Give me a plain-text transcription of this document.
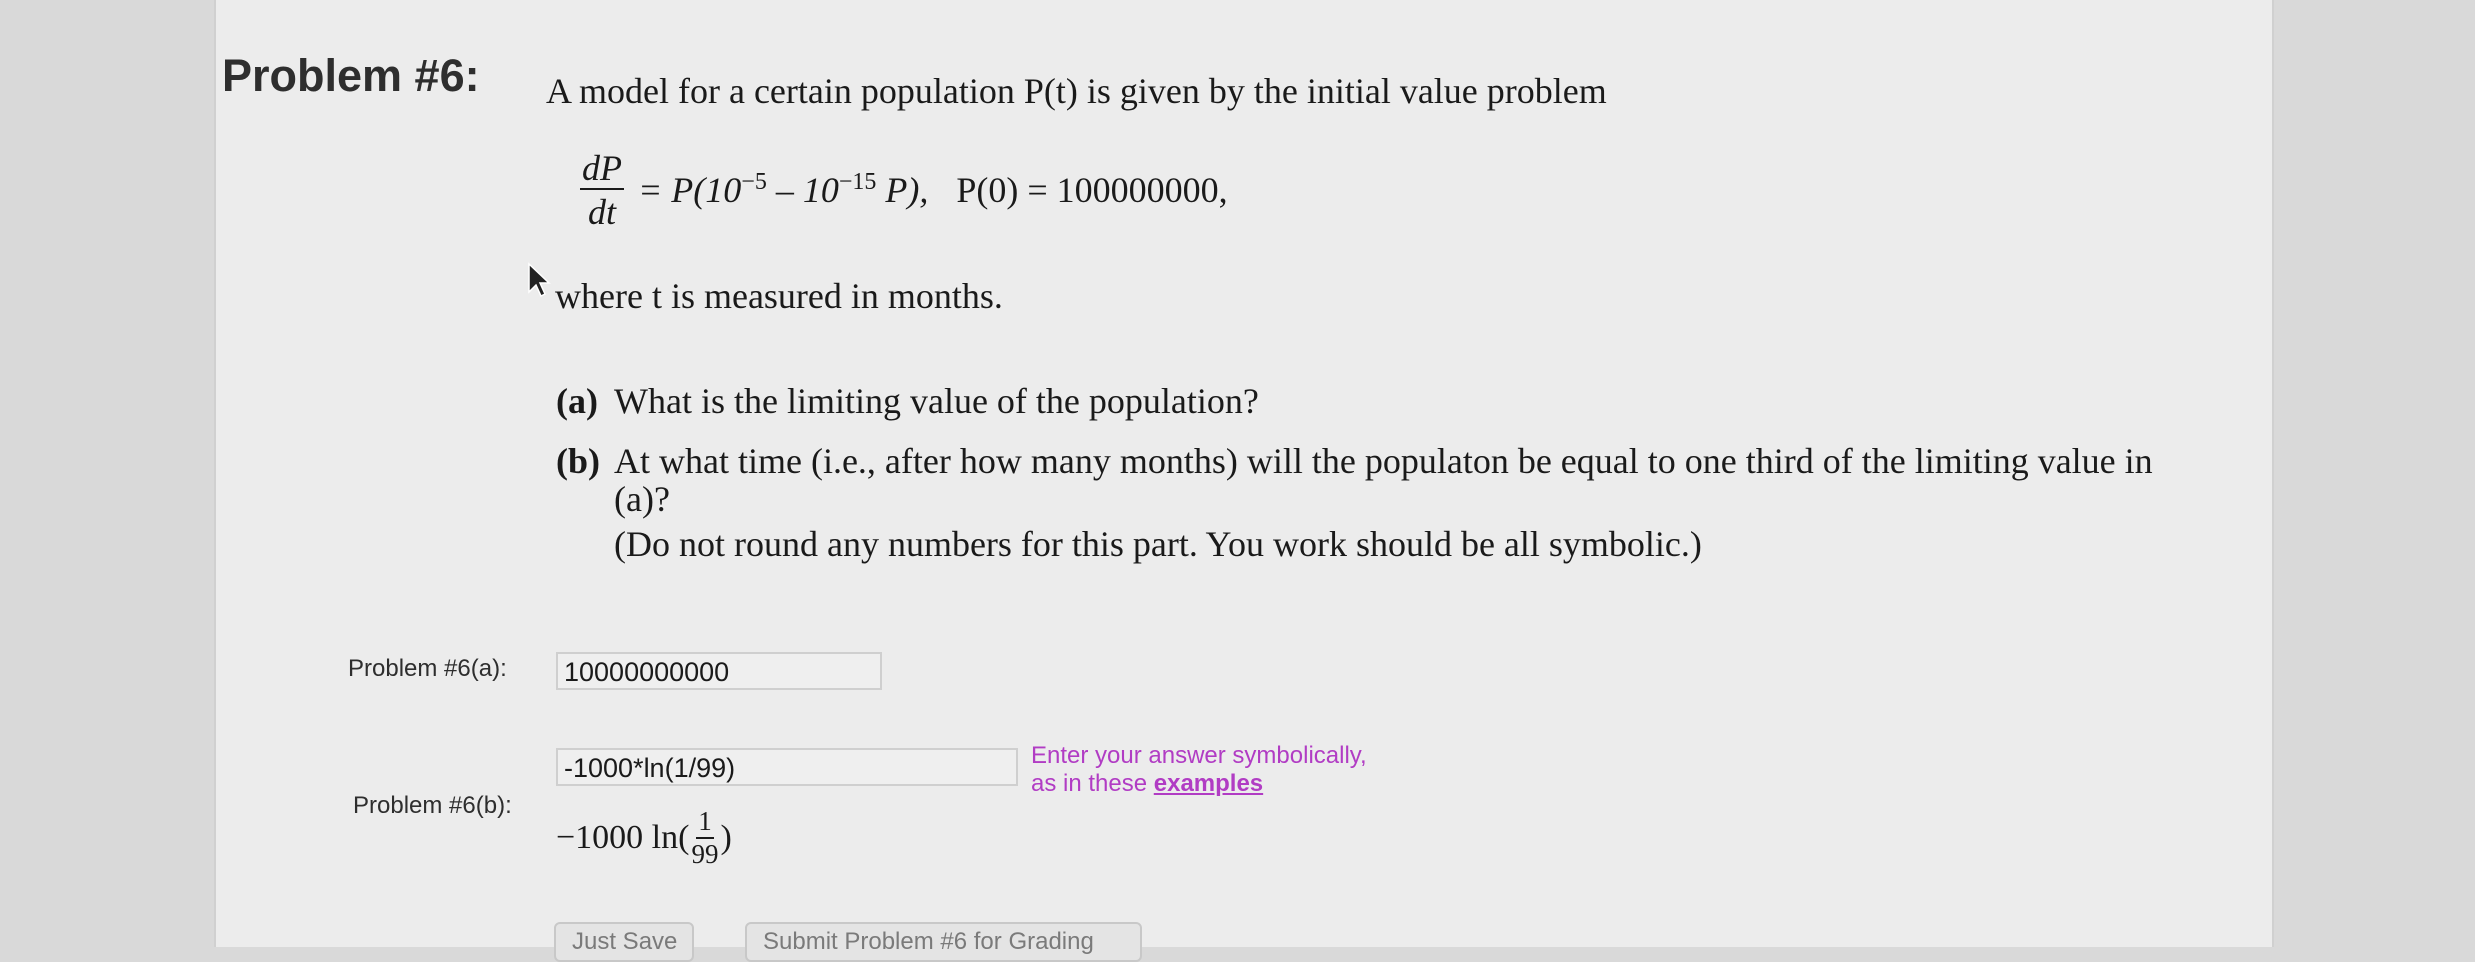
Problem #6: A model for a certain population P(t) is given by the initial value problem
$\frac{dP}{dt} = P(10^{-5} - 10^{-15}$ P), P(0) = 100000000,
where t is measured in months.
(a) What is the limiting value of the population?
(b) At what time (i.e., after how many months) will the populaton be equal to one third of the limiting value in
(a)?
(Do not round any numbers for this part. You work should be all symbolic.)
Problem #6(a): 10000000000
-1000*ln(1/99)	Enter your answer symbolically,
as in these examples
Problem #6(b):
−1000 $\ln( \frac{1}{99}$ )
Just Save	Submit Problem #6 for Grading
